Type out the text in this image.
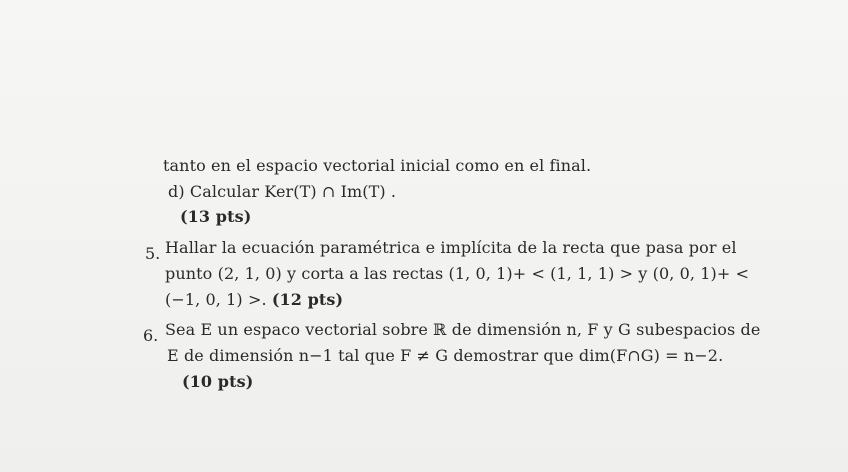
tanto en el espacio vectorial inicial como en el final.
d) Calcular Ker(T) ∩ Im(T) .
(13 pts)
5. Hallar la ecuación paramétrica e implícita de la recta que pasa por el
punto (2, 1, 0) y corta a las rectas (1, 0, 1)+ < (1, 1, 1) > y (0, 0, 1)+ <
(−1, 0, 1) >. (12 pts)
6. Sea E un espaco vectorial sobre ℝ de dimensión n, F y G subespacios de
E de dimensión n−1 tal que F ≠ G demostrar que dim(F∩G) = n−2.
(10 pts)
